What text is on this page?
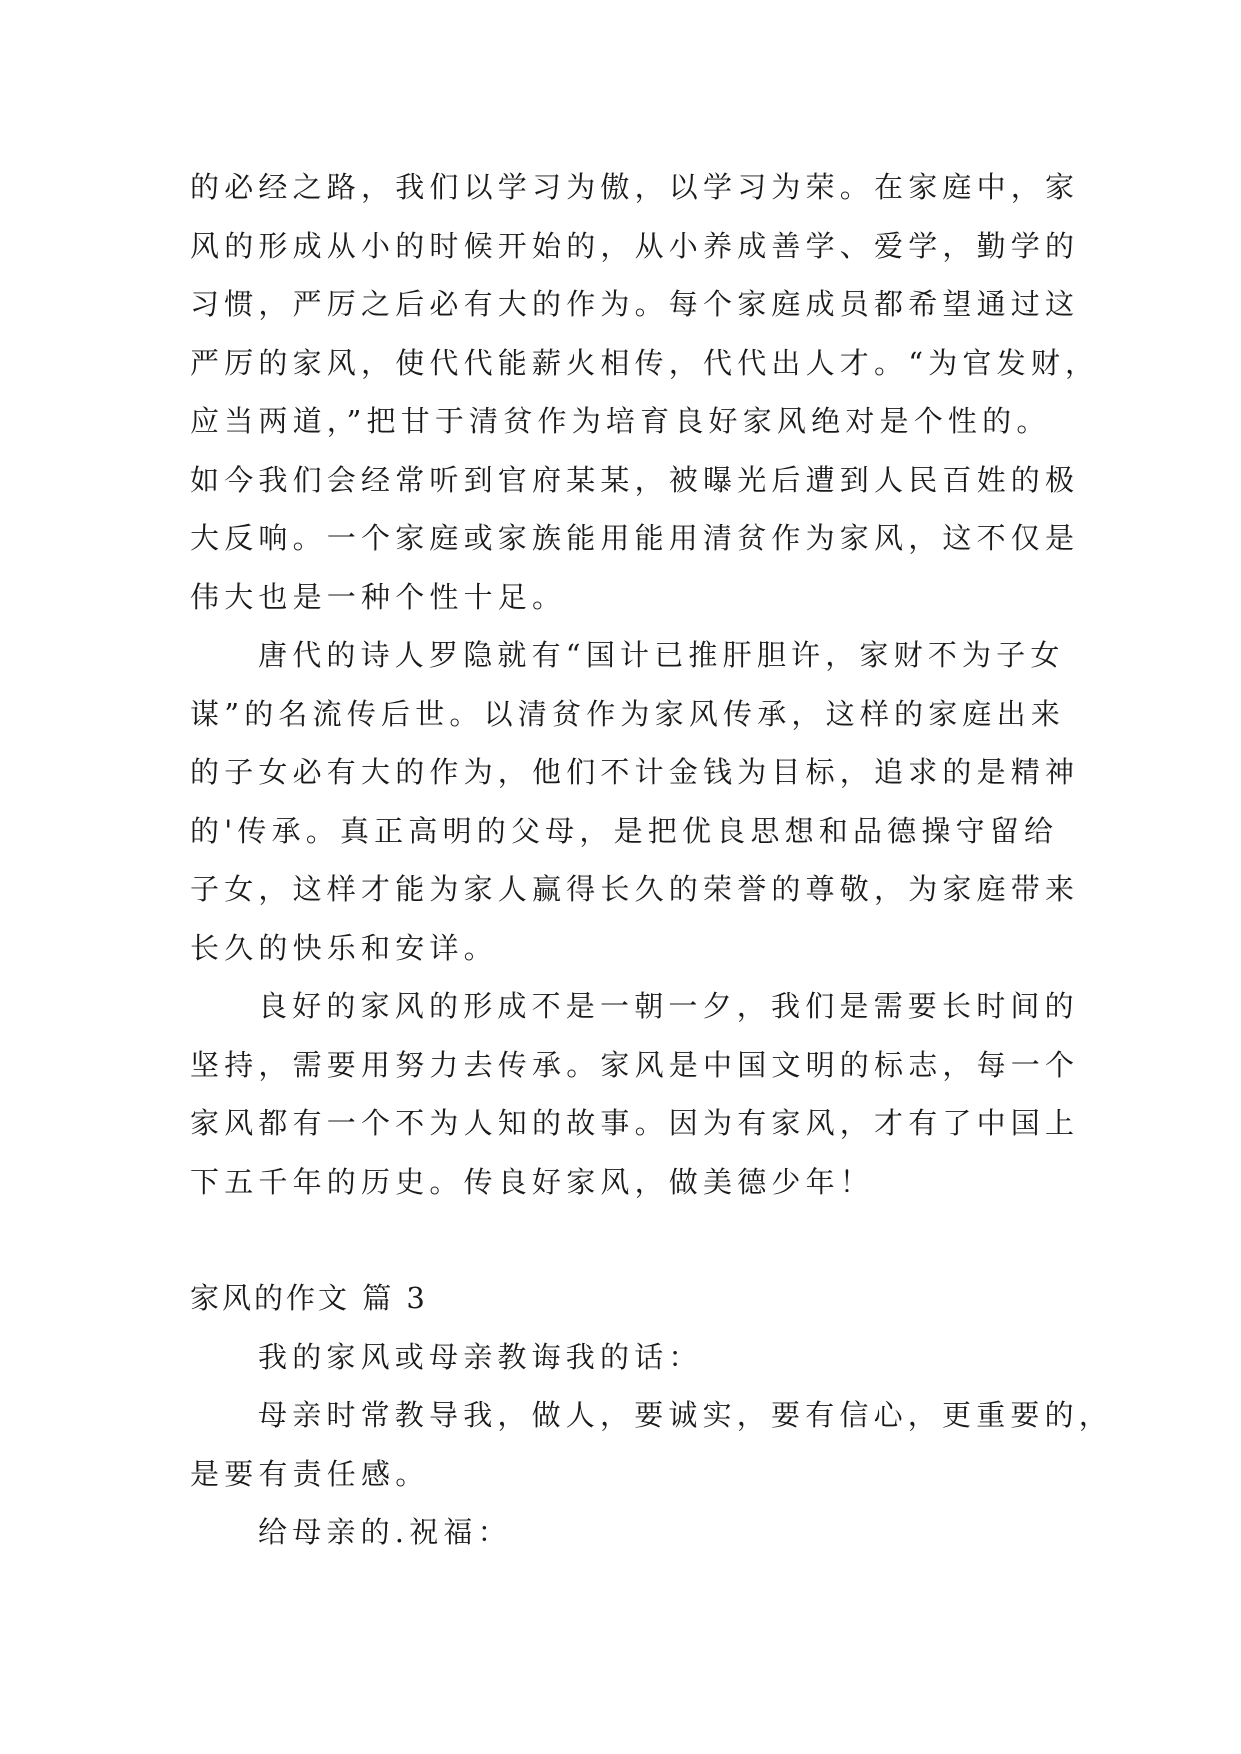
的必经之路，我们以学习为傲，以学习为荣。在家庭中，家
风的形成从小的时候开始的，从小养成善学、爱学，勤学的
习惯，严厉之后必有大的作为。每个家庭成员都希望通过这
严厉的家风，使代代能薪火相传，代代出人才。“为官发财，
应当两道，”把甘于清贫作为培育良好家风绝对是个性的。
如今我们会经常听到官府某某，被曝光后遭到人民百姓的极
大反响。一个家庭或家族能用能用清贫作为家风，这不仅是
伟大也是一种个性十足。

唐代的诗人罗隐就有“国计已推肝胆许，家财不为子女
谋”的名流传后世。以清贫作为家风传承，这样的家庭出来
的子女必有大的作为，他们不计金钱为目标，追求的是精神
的'传承。真正高明的父母，是把优良思想和品德操守留给
子女，这样才能为家人赢得长久的荣誉的尊敬，为家庭带来
长久的快乐和安详。

良好的家风的形成不是一朝一夕，我们是需要长时间的
坚持，需要用努力去传承。家风是中国文明的标志，每一个
家风都有一个不为人知的故事。因为有家风，才有了中国上
下五千年的历史。传良好家风，做美德少年！

家风的作文 篇 3

我的家风或母亲教诲我的话：

母亲时常教导我，做人，要诚实，要有信心，更重要的，
是要有责任感。

给母亲的.祝福：
